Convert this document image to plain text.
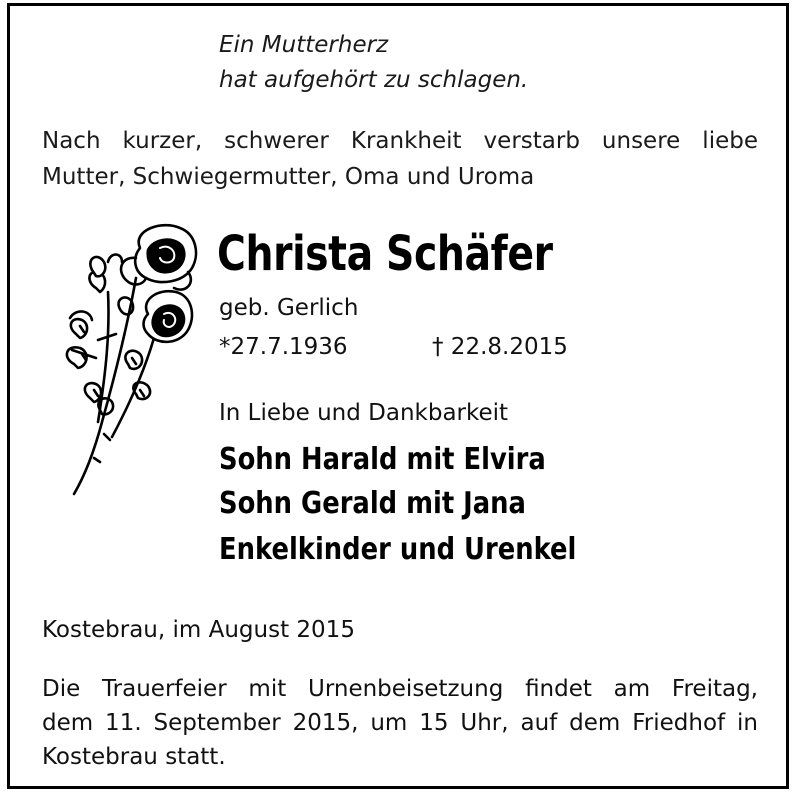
Ein Mutterherz

hat aufgehört zu schlagen.

Nach kurzer, schwerer Krankheit verstarb unsere liebe

Mutter, Schwiegermutter, Oma und Uroma

Christa Schäfer

geb. Gerlich

*27.7.1936	† 22.8.2015

In Liebe und Dankbarkeit

Sohn Harald mit Elvira

Sohn Gerald mit Jana

Enkelkinder und Urenkel

Kostebrau, im August 2015

Die Trauerfeier mit Urnenbeisetzung findet am Freitag,

dem 11. September 2015, um 15 Uhr, auf dem Friedhof in

Kostebrau statt.
